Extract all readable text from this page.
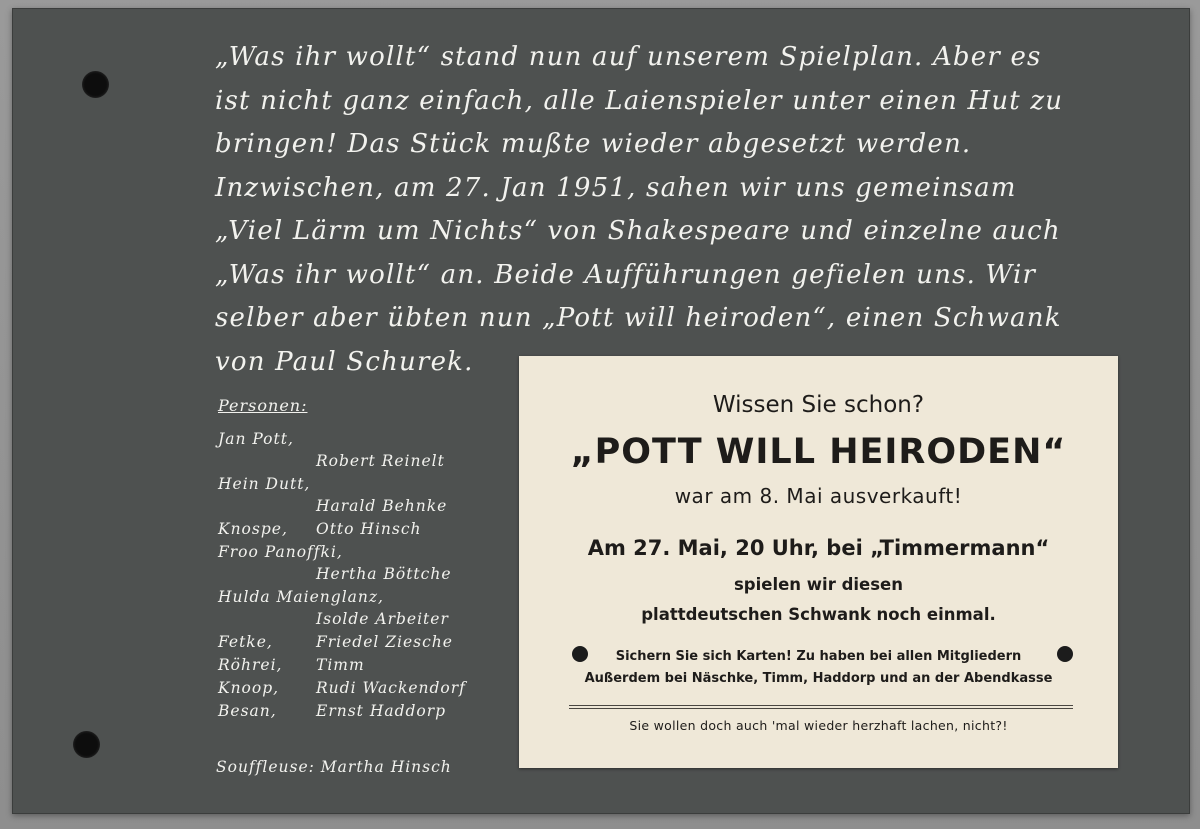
„Was ihr wollt“ stand nun auf unserem Spielplan. Aber es
ist nicht ganz einfach, alle Laienspieler unter einen Hut zu
bringen! Das Stück mußte wieder abgesetzt werden.
Inzwischen, am 27. Jan 1951, sahen wir uns gemeinsam
„Viel Lärm um Nichts“ von Shakespeare und einzelne auch
„Was ihr wollt“ an. Beide Aufführungen gefielen uns. Wir
selber aber übten nun „Pott will heiroden“, einen Schwank
von Paul Schurek.

Personen:
Jan Pott,
Robert Reinelt
Hein Dutt,
Harald Behnke
Knospe,	Otto Hinsch
Froo Panoffki,
Hertha Böttche
Hulda Maienglanz,
Isolde Arbeiter
Fetke,	Friedel Ziesche
Röhrei,	Timm
Knoop,	Rudi Wackendorf
Besan,	Ernst Haddorp
Souffleuse: Martha Hinsch
Wissen Sie schon?
„POTT WILL HEIRODEN“
war am 8. Mai ausverkauft!
Am 27. Mai, 20 Uhr, bei „Timmermann“
spielen wir diesen
plattdeutschen Schwank noch einmal.
Sichern Sie sich Karten! Zu haben bei allen Mitgliedern
Außerdem bei Näschke, Timm, Haddorp und an der Abendkasse
Sie wollen doch auch 'mal wieder herzhaft lachen, nicht?!
